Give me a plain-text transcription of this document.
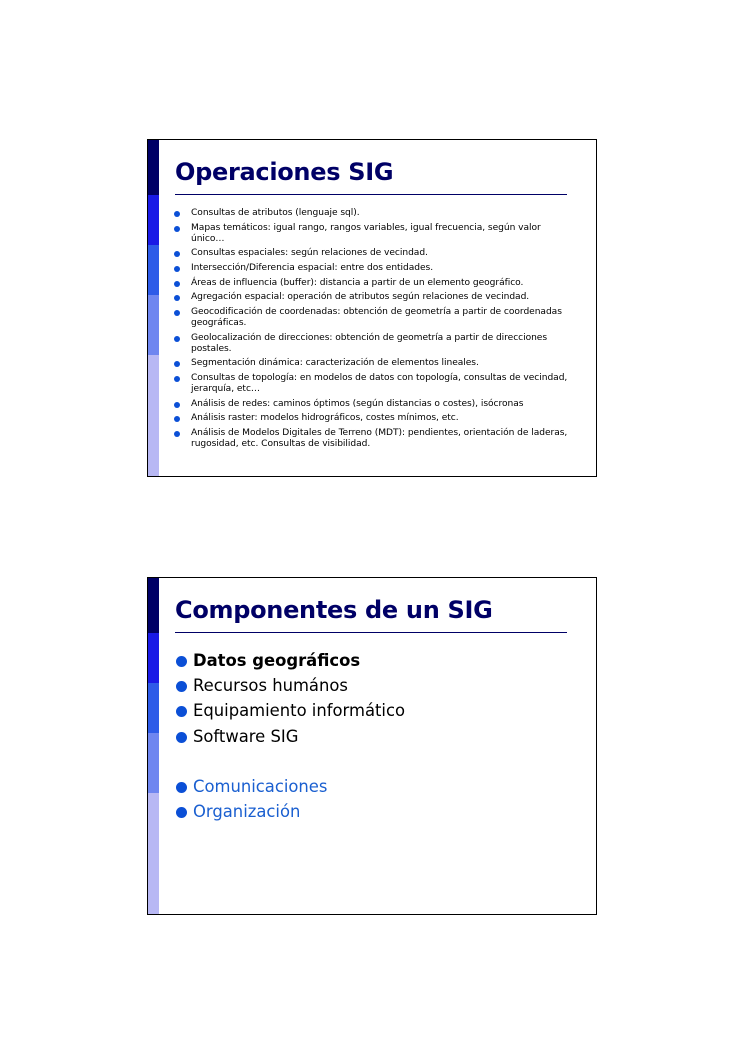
Operaciones SIG
Consultas de atributos (lenguaje sql).
Mapas temáticos: igual rango, rangos variables, igual frecuencia, según valor único…
Consultas espaciales: según relaciones de vecindad.
Intersección/Diferencia espacial: entre dos entidades.
Áreas de influencia (buffer): distancia a partir de un elemento geográfico.
Agregación espacial: operación de atributos según relaciones de vecindad.
Geocodificación de coordenadas: obtención de geometría a partir de coordenadas geográficas.
Geolocalización de direcciones: obtención de geometría a partir de direcciones postales.
Segmentación dinámica: caracterización de elementos lineales.
Consultas de topología: en modelos de datos con topología, consultas de vecindad, jerarquía, etc…
Análisis de redes: caminos óptimos (según distancias o costes), isócronas
Análisis raster: modelos hidrográficos, costes mínimos, etc.
Análisis de Modelos Digitales de Terreno (MDT): pendientes, orientación de laderas, rugosidad, etc. Consultas de visibilidad.
Componentes de un SIG
Datos geográficos
Recursos humános
Equipamiento informático
Software SIG
Comunicaciones
Organización
